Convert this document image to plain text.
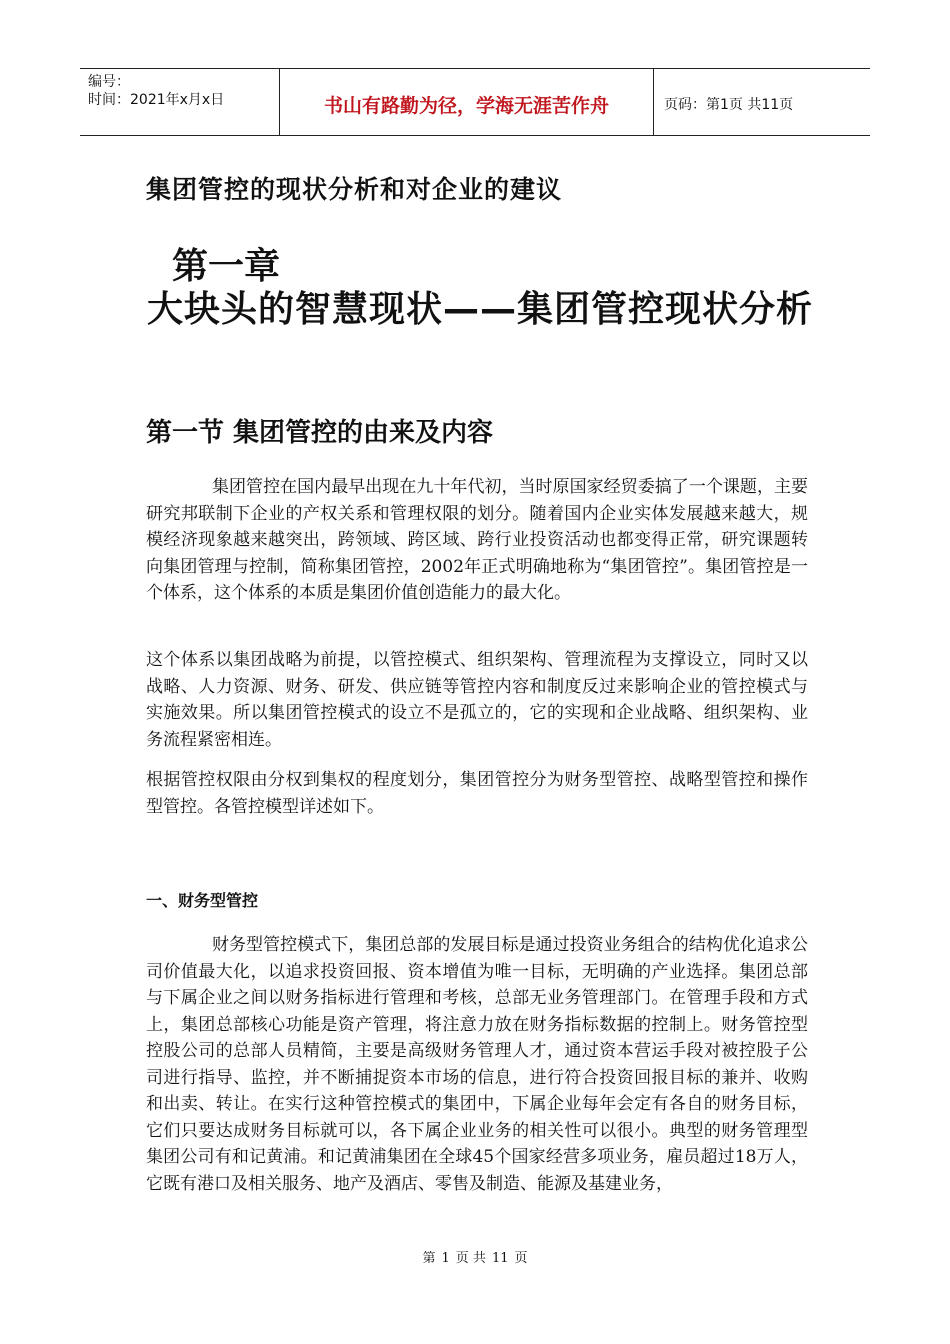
编号：
时间：2021年x月x日	书山有路勤为径，学海无涯苦作舟	页码：第1页 共11页
集团管控的现状分析和对企业的建议
第一章
大块头的智慧现状——集团管控现状分析
第一节 集团管控的由来及内容

集团管控在国内最早出现在九十年代初，当时原国家经贸委搞了一个课题，主要研究邦联制下企业的产权关系和管理权限的划分。随着国内企业实体发展越来越大，规模经济现象越来越突出，跨领域、跨区域、跨行业投资活动也都变得正常，研究课题转向集团管理与控制，简称集团管控，2002年正式明确地称为“集团管控”。集团管控是一个体系，这个体系的本质是集团价值创造能力的最大化。

这个体系以集团战略为前提，以管控模式、组织架构、管理流程为支撑设立，同时又以战略、人力资源、财务、研发、供应链等管控内容和制度反过来影响企业的管控模式与实施效果。所以集团管控模式的设立不是孤立的，它的实现和企业战略、组织架构、业务流程紧密相连。

根据管控权限由分权到集权的程度划分，集团管控分为财务型管控、战略型管控和操作型管控。各管控模型详述如下。

一、财务型管控

财务型管控模式下，集团总部的发展目标是通过投资业务组合的结构优化追求公司价值最大化，以追求投资回报、资本增值为唯一目标，无明确的产业选择。集团总部与下属企业之间以财务指标进行管理和考核，总部无业务管理部门。在管理手段和方式上，集团总部核心功能是资产管理，将注意力放在财务指标数据的控制上。财务管控型控股公司的总部人员精简，主要是高级财务管理人才，通过资本营运手段对被控股子公司进行指导、监控，并不断捕捉资本市场的信息，进行符合投资回报目标的兼并、收购和出卖、转让。在实行这种管控模式的集团中，下属企业每年会定有各自的财务目标，它们只要达成财务目标就可以，各下属企业业务的相关性可以很小。典型的财务管理型集团公司有和记黄浦。和记黄浦集团在全球45个国家经营多项业务，雇员超过18万人，它既有港口及相关服务、地产及酒店、零售及制造、能源及基建业务，

第 1 页 共 11 页
